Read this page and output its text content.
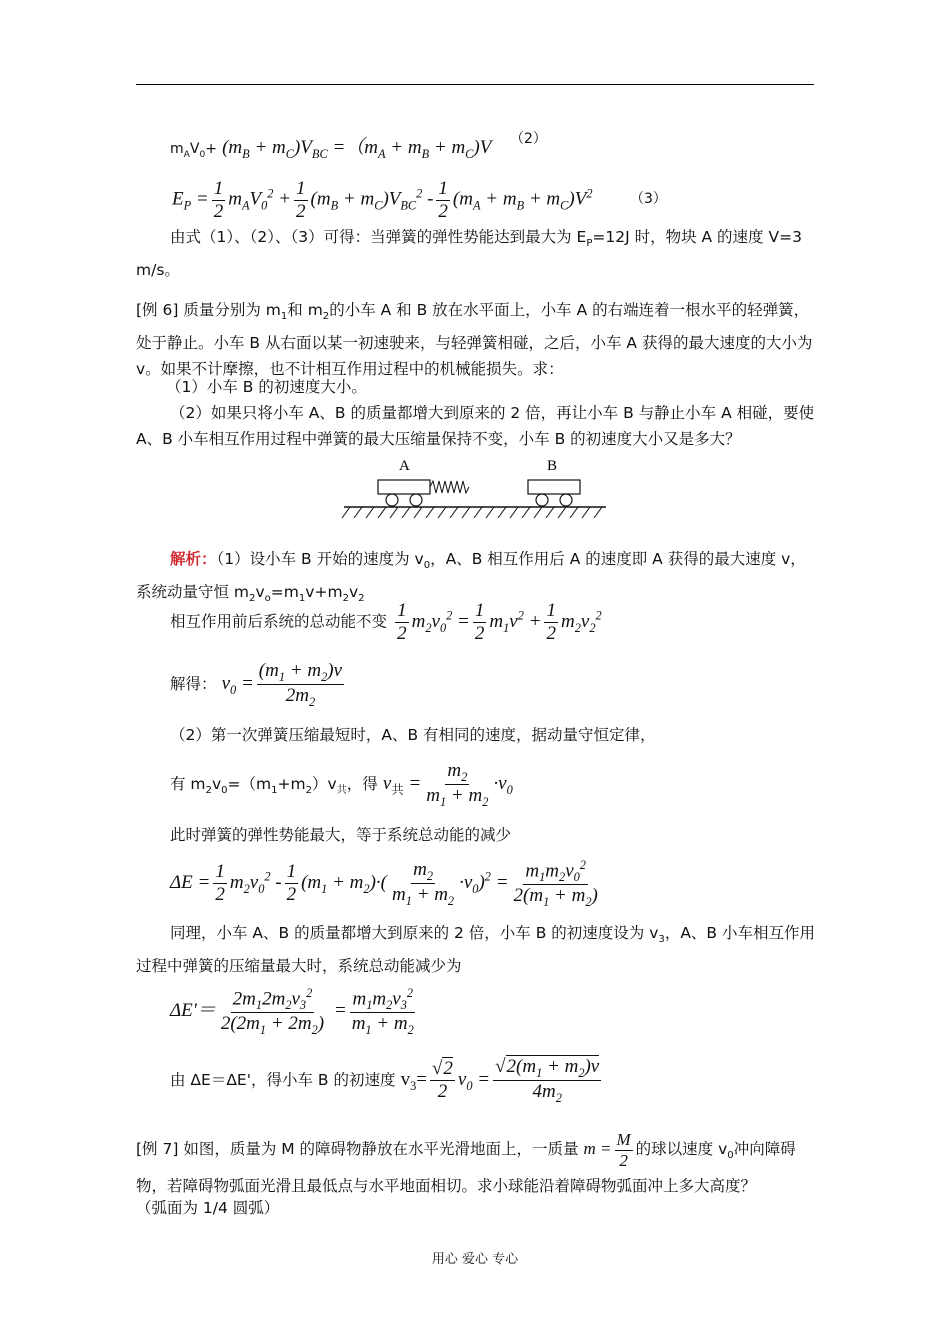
$m_AV_0+ (m_B + m_C)V_{BC} =(m_A + m_B + m_C)V$ （2）
$E_P = \frac{1}{2} m_AV_0^2 + \frac{1}{2} (m_B + m_C)V_{BC}^2 - \frac{1}{2} (m_A + m_B + m_C)V^2$	（3）
由式（1）、（2）、（3）可得：当弹簧的弹性势能达到最大为 $E_P=12J$ 时，物块 A 的速度 V=3
m/s。
[例 6] 质量分别为 $m_1$和 $m_2$的小车 A 和 B 放在水平面上，小车 A 的右端连着一根水平的轻弹簧，处于静止。小车 B 从右面以某一初速驶来，与轻弹簧相碰，之后，小车 A 获得的最大速度的大小为 v。如果不计摩擦，也不计相互作用过程中的机械能损失。求：
（1）小车 B 的初速度大小。
（2）如果只将小车 A、B 的质量都增大到原来的 2 倍，再让小车 B 与静止小车 A 相碰，要使 A、B 小车相互作用过程中弹簧的最大压缩量保持不变，小车 B 的初速度大小又是多大？
A	B
解析：（1）设小车 B 开始的速度为 $v_0$，A、B 相互作用后 A 的速度即 A 获得的最大速度 v，系统动量守恒 $m_2v_o=m_1v+m_2v_2$
相互作用前后系统的总动能不变 $\frac{1}{2} m_2v_0^2 = \frac{1}{2} m_1v^2 + \frac{1}{2} m_2v_2^2$
解得： $v_0 = \frac{(m_1 + m_2)v}{2m_2}$
（2）第一次弹簧压缩最短时，A、B 有相同的速度，据动量守恒定律，
有 $m_2v_0=(m_1+m_2)v_共$，得 $v_共 = \frac{m_2}{m_1 + m_2} \cdot v_0$
此时弹簧的弹性势能最大，等于系统总动能的减少
$\Delta E = \frac{1}{2} m_2v_0^2 - \frac{1}{2} (m_1 + m_2)\cdot( \frac{m_2}{m_1 + m_2} \cdot v_0)^2 = \frac{m_1m_2v_0^2}{2(m_1 + m_2)}$
同理，小车 A、B 的质量都增大到原来的 2 倍，小车 B 的初速度设为 $v_3$，A、B 小车相互作用过程中弹簧的压缩量最大时，系统总动能减少为
$\Delta E'= \frac{2m_12m_2v_3^2}{2(2m_1 + 2m_2)} = \frac{m_1m_2v_3^2}{m_1 + m_2}$
由 ΔE＝ΔE'，得小车 B 的初速度 $v_3= \frac{√2}{2} v_0 = \frac{√2(m_1 + m_2)v}{4m_2}$
[例 7] 如图，质量为 M 的障碍物静放在水平光滑地面上，一质量 $m = \frac{M}{2}$ 的球以速度 $v_0$冲向障碍物，若障碍物弧面光滑且最低点与水平地面相切。求小球能沿着障碍物弧面冲上多大高度？
（弧面为 1/4 圆弧）
用心 爱心 专心
